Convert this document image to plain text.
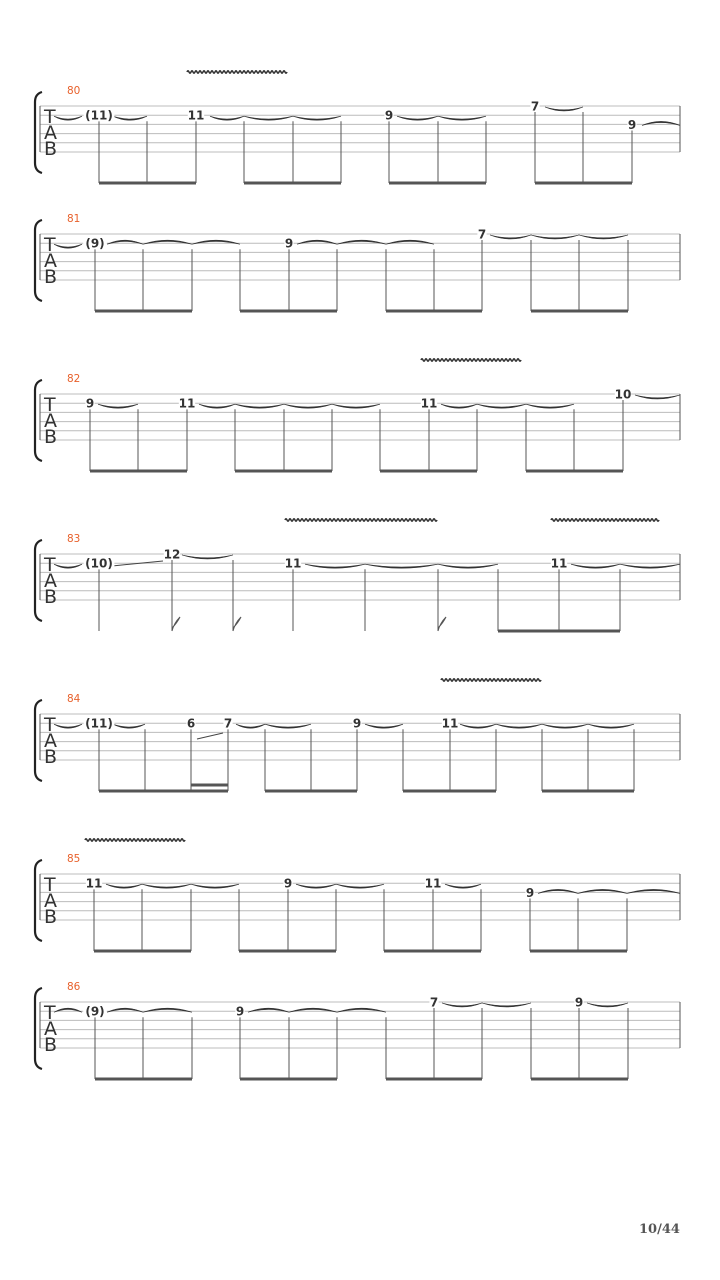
T
A
B
80
(11)	11	9
7
9
T
A
B
81
(9)	9
7
T
A
B
82
9	11	11
10
T
A
B
83
(10)
12
11	11
T
A
B
84
(11)	6 7	9	11
T
A
B
85
11	9	11
9
T
A
B
86
(9)	9
7	9
10/44
